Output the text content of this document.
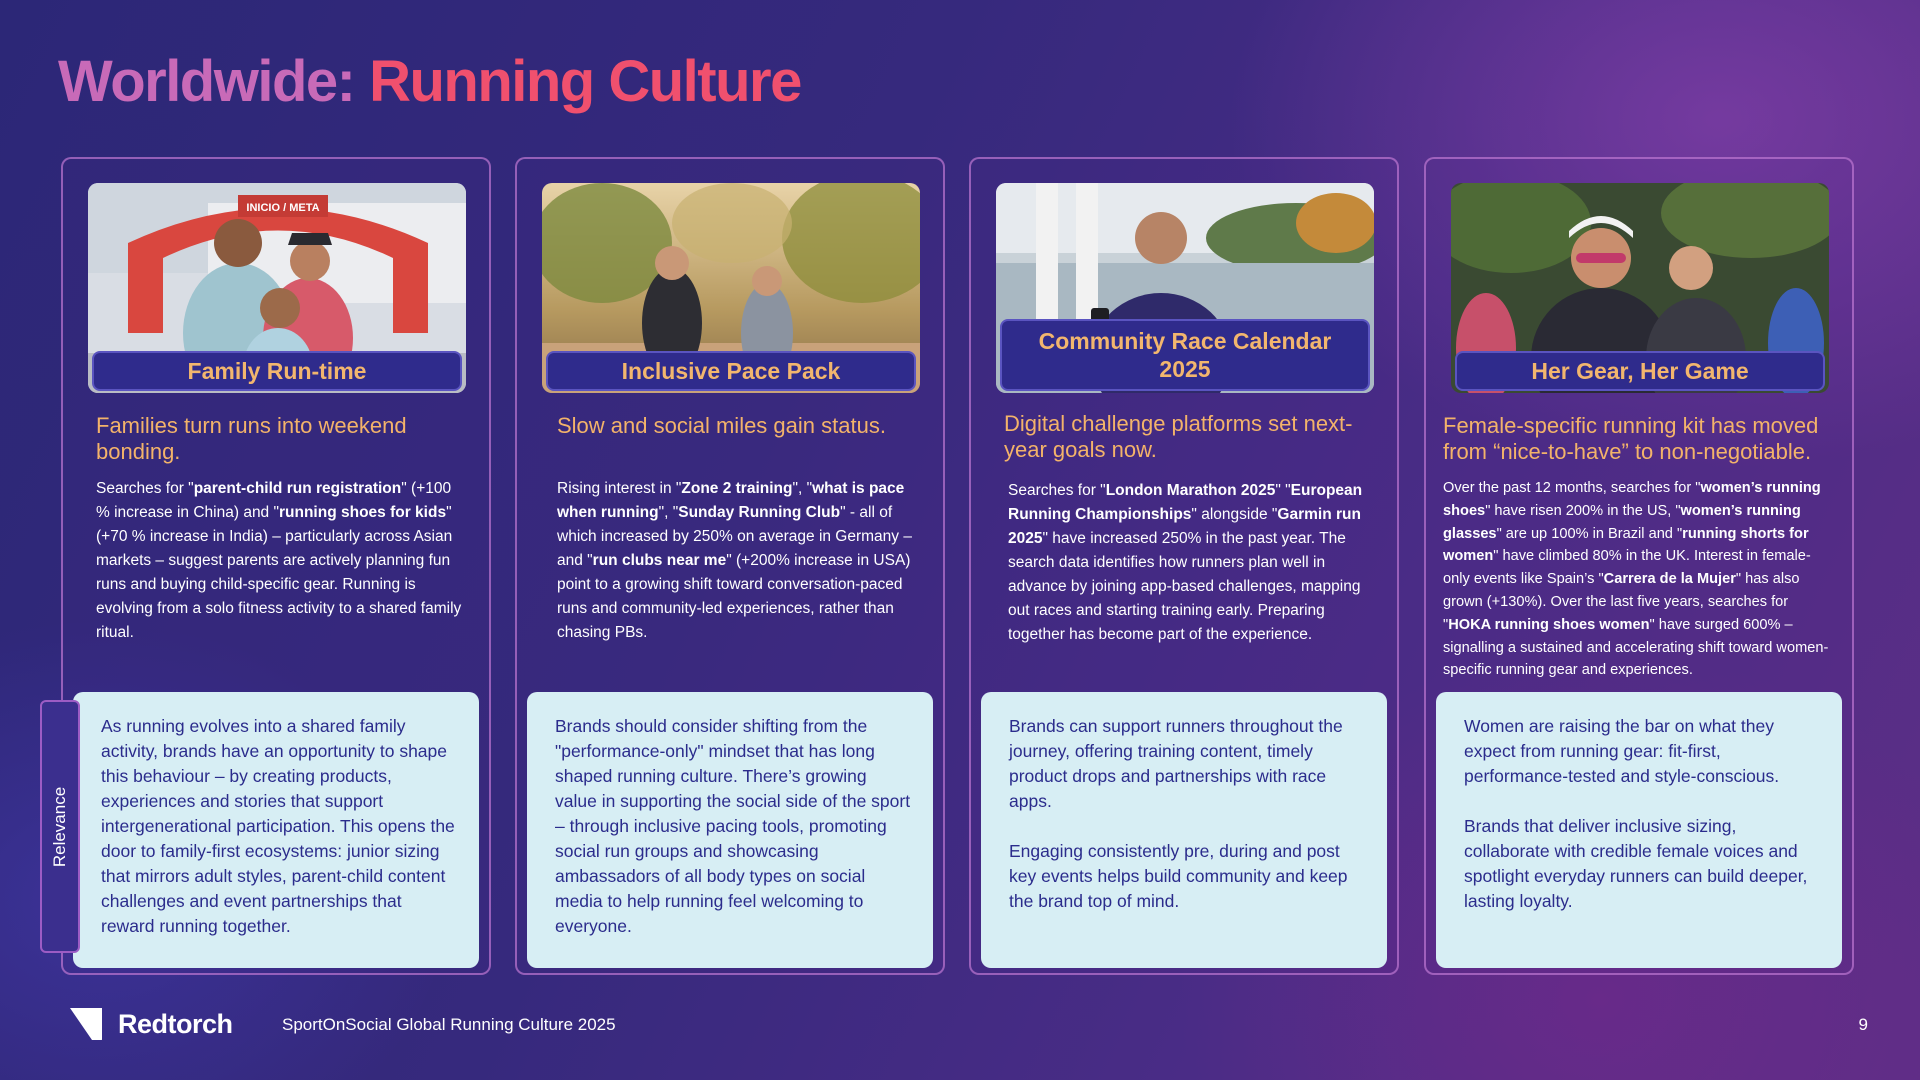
Worldwide: Running Culture
INICIO / META
Family Run-time
Families turn runs into weekend bonding.

Searches for "parent-child run registration" (+100 % increase in China) and "running shoes for kids" (+70 % increase in India) – particularly across Asian markets – suggest parents are actively planning fun runs and buying child-specific gear. Running is evolving from a solo fitness activity to a shared family ritual.

As running evolves into a shared family activity, brands have an opportunity to shape this behaviour – by creating products, experiences and stories that support intergenerational participation. This opens the door to family-first ecosystems: junior sizing that mirrors adult styles, parent-child content challenges and event partnerships that reward running together.

Inclusive Pace Pack
Slow and social miles gain status.

Rising interest in "Zone 2 training", "what is pace when running", "Sunday Running Club" - all of which increased by 250% on average in Germany – and "run clubs near me" (+200% increase in USA) point to a growing shift toward conversation-paced runs and community-led experiences, rather than chasing PBs.

Brands should consider shifting from the "performance-only" mindset that has long shaped running culture. There’s growing value in supporting the social side of the sport – through inclusive pacing tools, promoting social run groups and showcasing ambassadors of all body types on social media to help running feel welcoming to everyone.

Community Race Calendar 2025
Digital challenge platforms set next-year goals now.

Searches for "London Marathon 2025" "European Running Championships" alongside "Garmin run 2025" have increased 250% in the past year. The search data identifies how runners plan well in advance by joining app-based challenges, mapping out races and starting training early. Preparing together has become part of the experience.

Brands can support runners throughout the journey, offering training content, timely product drops and partnerships with race apps.

Engaging consistently pre, during and post key events helps build community and keep the brand top of mind.

Her Gear, Her Game
Female-specific running kit has moved from “nice-to-have” to non-negotiable.

Over the past 12 months, searches for "women’s running shoes" have risen 200% in the US, "women’s running glasses" are up 100% in Brazil and "running shorts for women" have climbed 80% in the UK. Interest in female-only events like Spain’s "Carrera de la Mujer" has also grown (+130%). Over the last five years, searches for "HOKA running shoes women" have surged 600% – signalling a sustained and accelerating shift toward women-specific running gear and experiences.

Women are raising the bar on what they expect from running gear: fit-first, performance-tested and style-conscious.

Brands that deliver inclusive sizing, collaborate with credible female voices and spotlight everyday runners can build deeper, lasting loyalty.

Relevance
Redtorch	SportOnSocial Global Running Culture 2025	9
